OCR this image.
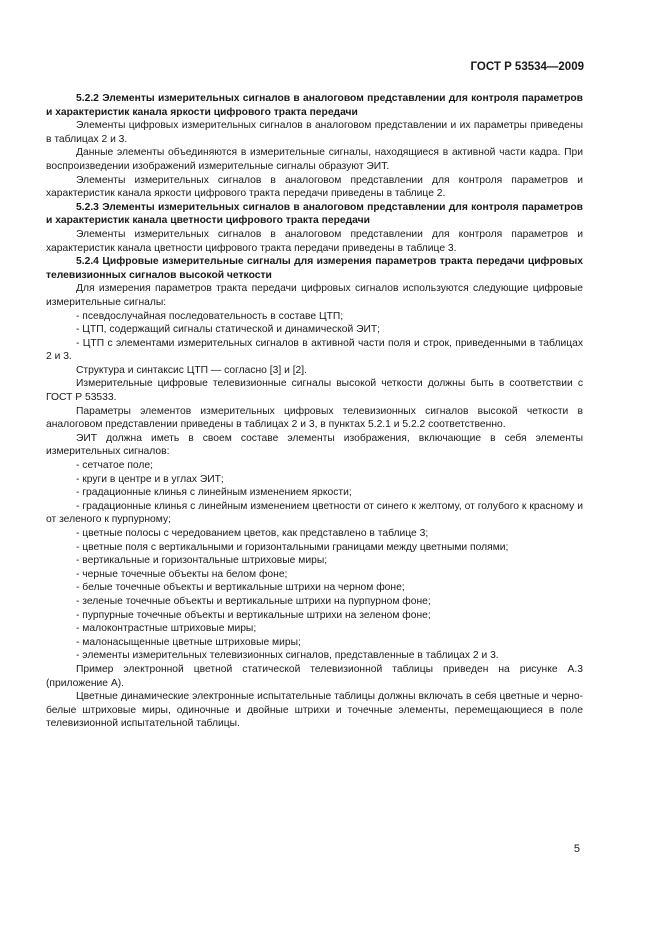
ГОСТ Р 53534—2009

5.2.2 Элементы измерительных сигналов в аналоговом представлении для контроля параметров и характеристик канала яркости цифрового тракта передачи

Элементы цифровых измерительных сигналов в аналоговом представлении и их параметры приведены в таблицах 2 и 3.

Данные элементы объединяются в измерительные сигналы, находящиеся в активной части кадра. При воспроизведении изображений измерительные сигналы образуют ЭИТ.

Элементы измерительных сигналов в аналоговом представлении для контроля параметров и характеристик канала яркости цифрового тракта передачи приведены в таблице 2.

5.2.3 Элементы измерительных сигналов в аналоговом представлении для контроля параметров и характеристик канала цветности цифрового тракта передачи

Элементы измерительных сигналов в аналоговом представлении для контроля параметров и характеристик канала цветности цифрового тракта передачи приведены в таблице 3.

5.2.4 Цифровые измерительные сигналы для измерения параметров тракта передачи цифровых телевизионных сигналов высокой четкости

Для измерения параметров тракта передачи цифровых сигналов используются следующие цифровые измерительные сигналы:

- псевдослучайная последовательность в составе ЦТП;

- ЦТП, содержащий сигналы статической и динамической ЭИТ;

- ЦТП с элементами измерительных сигналов в активной части поля и строк, приведенными в таблицах 2 и 3.

Структура и синтаксис ЦТП — согласно [3] и [2].

Измерительные цифровые телевизионные сигналы высокой четкости должны быть в соответствии с ГОСТ Р 53533.

Параметры элементов измерительных цифровых телевизионных сигналов высокой четкости в аналоговом представлении приведены в таблицах 2 и 3, в пунктах 5.2.1 и 5.2.2 соответственно.

ЭИТ должна иметь в своем составе элементы изображения, включающие в себя элементы измерительных сигналов:

- сетчатое поле;

- круги в центре и в углах ЭИТ;

- градационные клинья с линейным изменением яркости;

- градационные клинья с линейным изменением цветности от синего к желтому, от голубого к красному и от зеленого к пурпурному;

- цветные полосы с чередованием цветов, как представлено в таблице 3;

- цветные поля с вертикальными и горизонтальными границами между цветными полями;

- вертикальные и горизонтальные штриховые миры;

- черные точечные объекты на белом фоне;

- белые точечные объекты и вертикальные штрихи на черном фоне;

- зеленые точечные объекты и вертикальные штрихи на пурпурном фоне;

- пурпурные точечные объекты и вертикальные штрихи на зеленом фоне;

- малоконтрастные штриховые миры;

- малонасыщенные цветные штриховые миры;

- элементы измерительных телевизионных сигналов, представленные в таблицах 2 и 3.

Пример электронной цветной статической телевизионной таблицы приведен на рисунке А.3 (приложение А).

Цветные динамические электронные испытательные таблицы должны включать в себя цветные и черно-белые штриховые миры, одиночные и двойные штрихи и точечные элементы, перемещающиеся в поле телевизионной испытательной таблицы.

5
